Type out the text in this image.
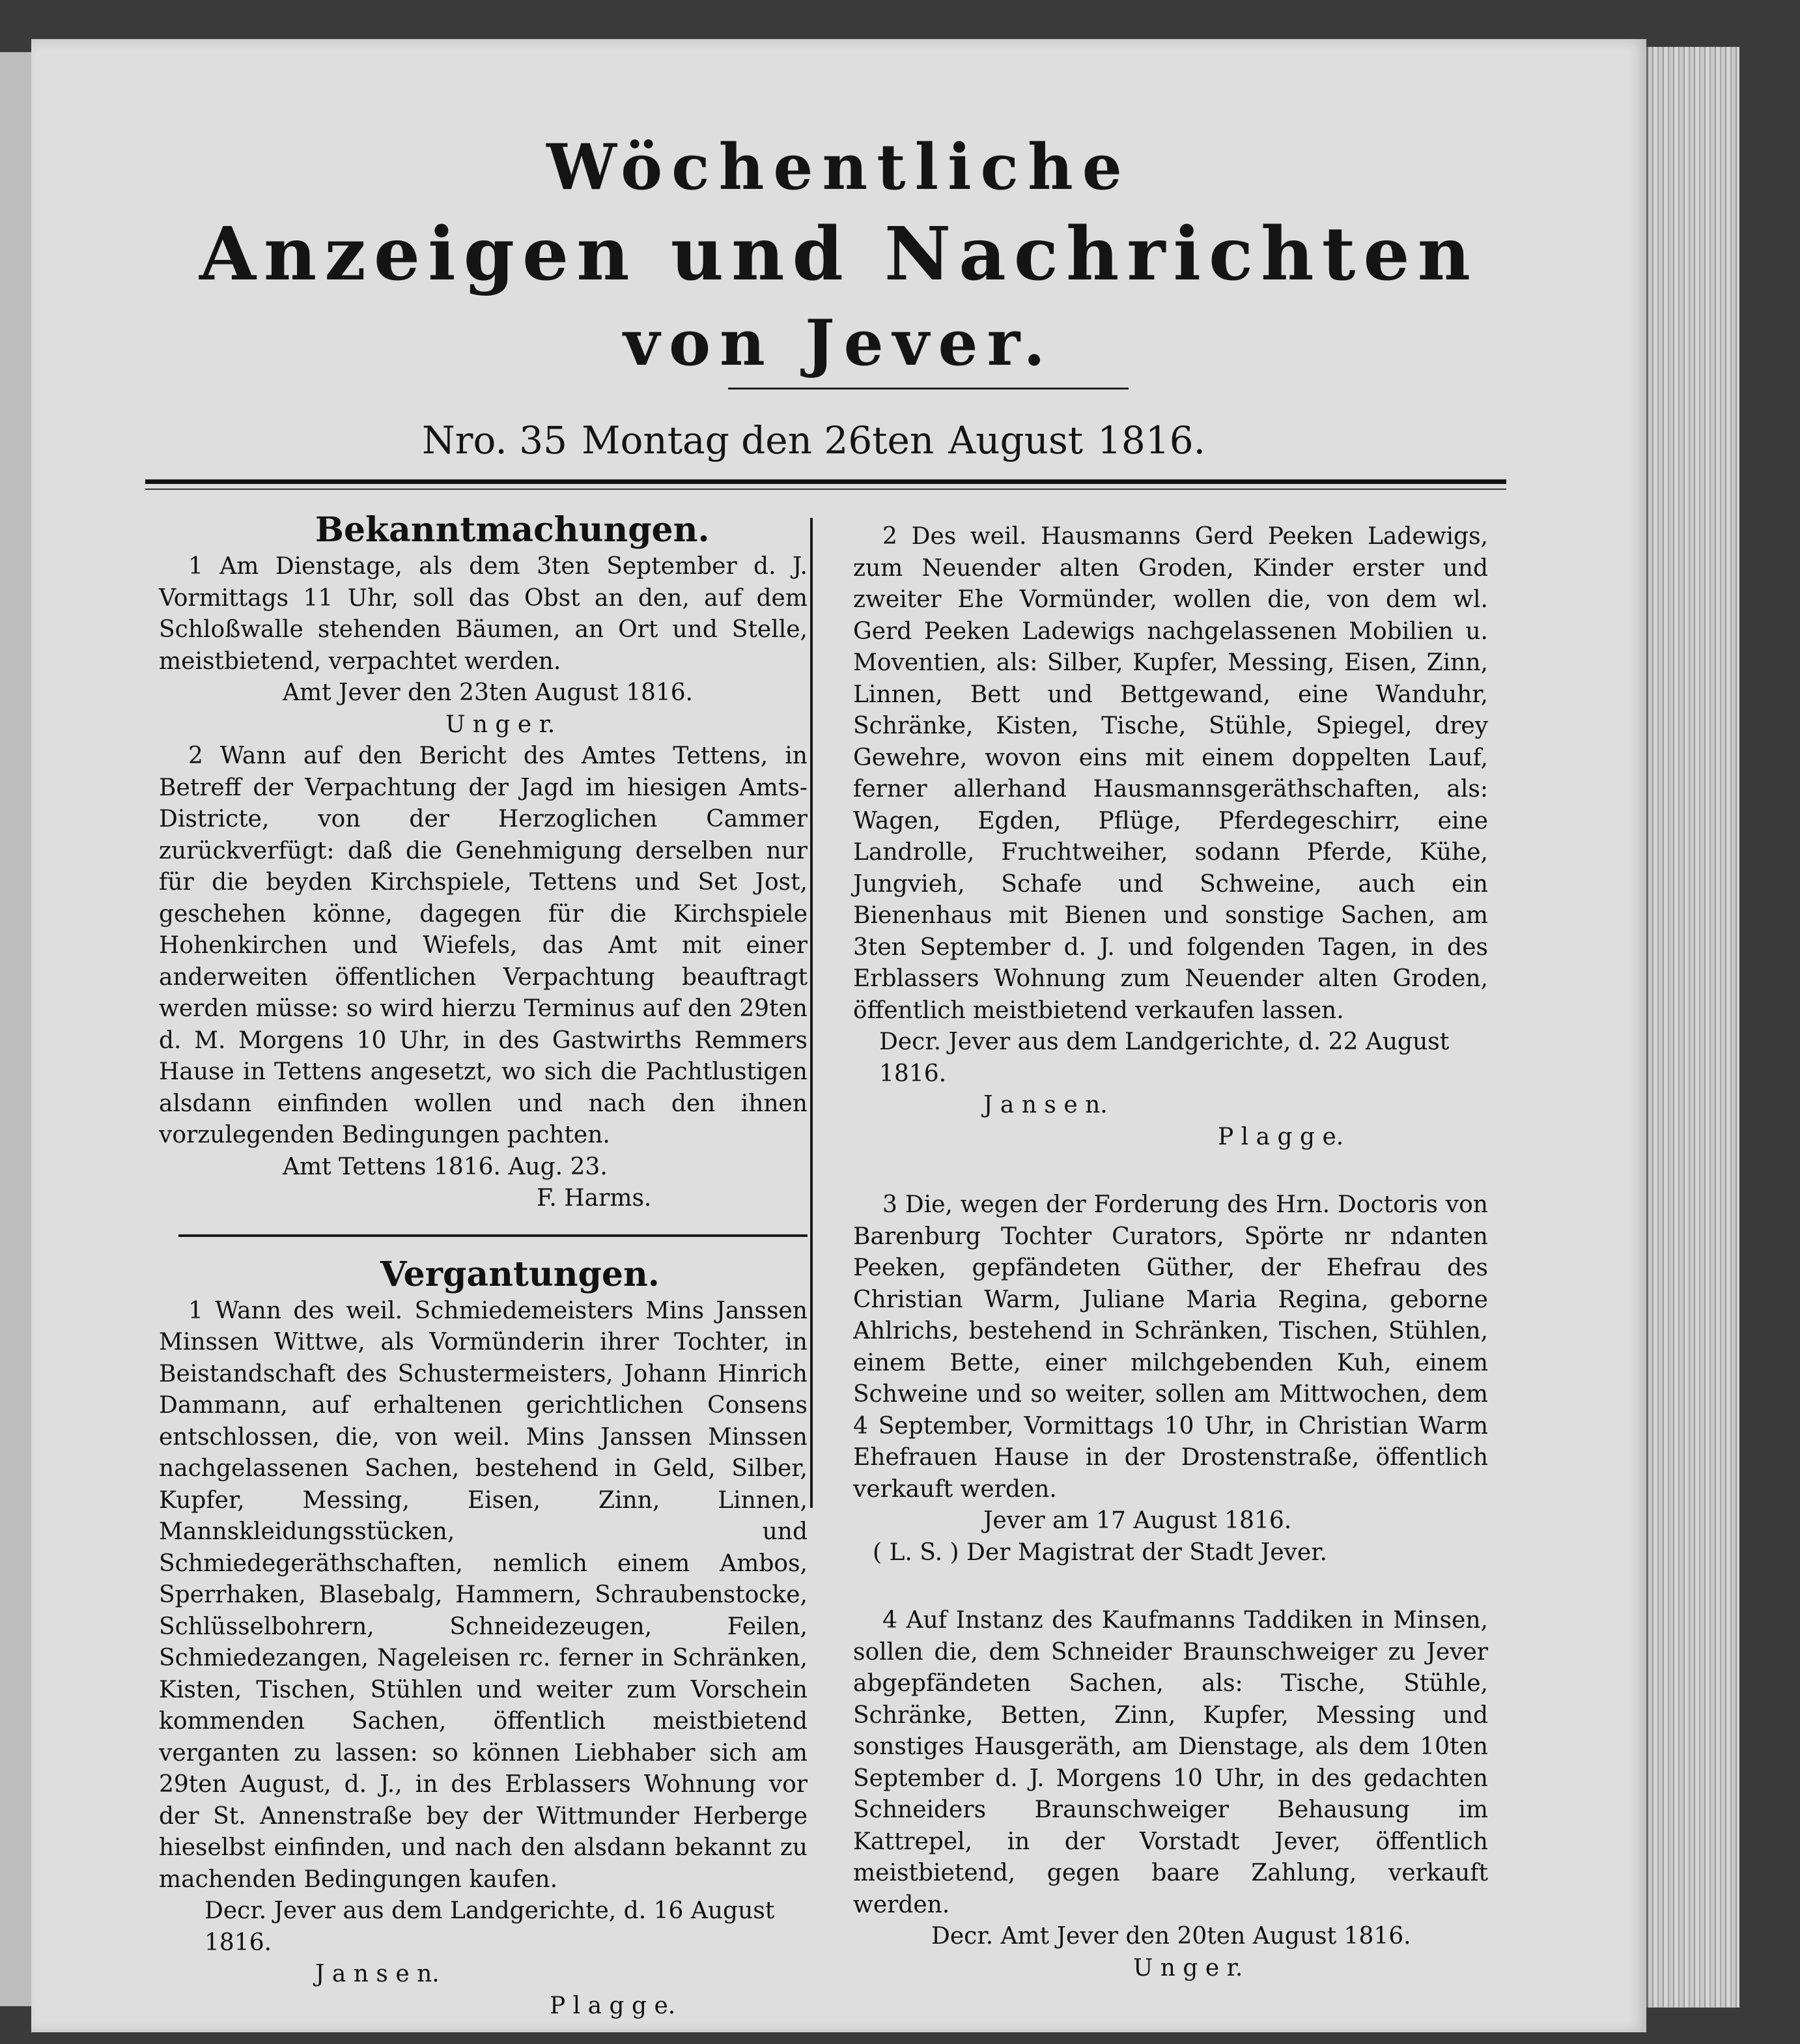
Wöchentliche
Anzeigen und Nachrichten
von Jever.
Nro. 35 Montag den 26ten August 1816.
Bekanntmachungen.

1 Am Dienstage, als dem 3ten September d. J. Vormittags 11 Uhr, soll das Obst an den, auf dem Schloßwalle stehenden Bäumen, an Ort und Stelle, meistbietend, verpachtet werden.

Amt Jever den 23ten August 1816.

U n g e r.

2 Wann auf den Bericht des Amtes Tettens, in Betreff der Verpachtung der Jagd im hiesigen Amts-Districte, von der Herzoglichen Cammer zurückverfügt: daß die Genehmigung derselben nur für die beyden Kirchspiele, Tettens und Set Jost, geschehen könne, dagegen für die Kirchspiele Hohenkirchen und Wiefels, das Amt mit einer anderweiten öffentlichen Verpachtung beauftragt werden müsse: so wird hierzu Terminus auf den 29ten d. M. Morgens 10 Uhr, in des Gastwirths Remmers Hause in Tettens angesetzt, wo sich die Pachtlustigen alsdann einfinden wollen und nach den ihnen vorzulegenden Bedingungen pachten.

Amt Tettens 1816. Aug. 23.

F. Harms.

Vergantungen.

1 Wann des weil. Schmiedemeisters Mins Janssen Minssen Wittwe, als Vormünderin ihrer Tochter, in Beistandschaft des Schustermeisters, Johann Hinrich Dammann, auf erhaltenen gerichtlichen Consens entschlossen, die, von weil. Mins Janssen Minssen nachgelassenen Sachen, bestehend in Geld, Silber, Kupfer, Messing, Eisen, Zinn, Linnen, Mannskleidungsstücken, und Schmiedegeräthschaften, nemlich einem Ambos, Sperrhaken, Blasebalg, Hammern, Schraubenstocke, Schlüsselbohrern, Schneidezeugen, Feilen, Schmiedezangen, Nageleisen rc. ferner in Schränken, Kisten, Tischen, Stühlen und weiter zum Vorschein kommenden Sachen, öffentlich meistbietend verganten zu lassen: so können Liebhaber sich am 29ten August, d. J., in des Erblassers Wohnung vor der St. Annenstraße bey der Wittmunder Herberge hieselbst einfinden, und nach den alsdann bekannt zu machenden Bedingungen kaufen.

Decr. Jever aus dem Landgerichte, d. 16 August 1816.

J a n s e n.

P l a g g e.

2 Des weil. Hausmanns Gerd Peeken Ladewigs, zum Neuender alten Groden, Kinder erster und zweiter Ehe Vormünder, wollen die, von dem wl. Gerd Peeken Ladewigs nachgelassenen Mobilien u. Moventien, als: Silber, Kupfer, Messing, Eisen, Zinn, Linnen, Bett und Bettgewand, eine Wanduhr, Schränke, Kisten, Tische, Stühle, Spiegel, drey Gewehre, wovon eins mit einem doppelten Lauf, ferner allerhand Hausmannsgeräthschaften, als: Wagen, Egden, Pflüge, Pferdegeschirr, eine Landrolle, Fruchtweiher, sodann Pferde, Kühe, Jungvieh, Schafe und Schweine, auch ein Bienenhaus mit Bienen und sonstige Sachen, am 3ten September d. J. und folgenden Tagen, in des Erblassers Wohnung zum Neuender alten Groden, öffentlich meistbietend verkaufen lassen.

Decr. Jever aus dem Landgerichte, d. 22 August 1816.

J a n s e n.

P l a g g e.

3 Die, wegen der Forderung des Hrn. Doctoris von Barenburg Tochter Curators, Spörte nr ndanten Peeken, gepfändeten Güther, der Ehefrau des Christian Warm, Juliane Maria Regina, geborne Ahlrichs, bestehend in Schränken, Tischen, Stühlen, einem Bette, einer milchgebenden Kuh, einem Schweine und so weiter, sollen am Mittwochen, dem 4 September, Vormittags 10 Uhr, in Christian Warm Ehefrauen Hause in der Drostenstraße, öffentlich verkauft werden.

Jever am 17 August 1816.

( L. S. ) Der Magistrat der Stadt Jever.

4 Auf Instanz des Kaufmanns Taddiken in Minsen, sollen die, dem Schneider Braunschweiger zu Jever abgepfändeten Sachen, als: Tische, Stühle, Schränke, Betten, Zinn, Kupfer, Messing und sonstiges Hausgeräth, am Dienstage, als dem 10ten September d. J. Morgens 10 Uhr, in des gedachten Schneiders Braunschweiger Behausung im Kattrepel, in der Vorstadt Jever, öffentlich meistbietend, gegen baare Zahlung, verkauft werden.

Decr. Amt Jever den 20ten August 1816.

U n g e r.
